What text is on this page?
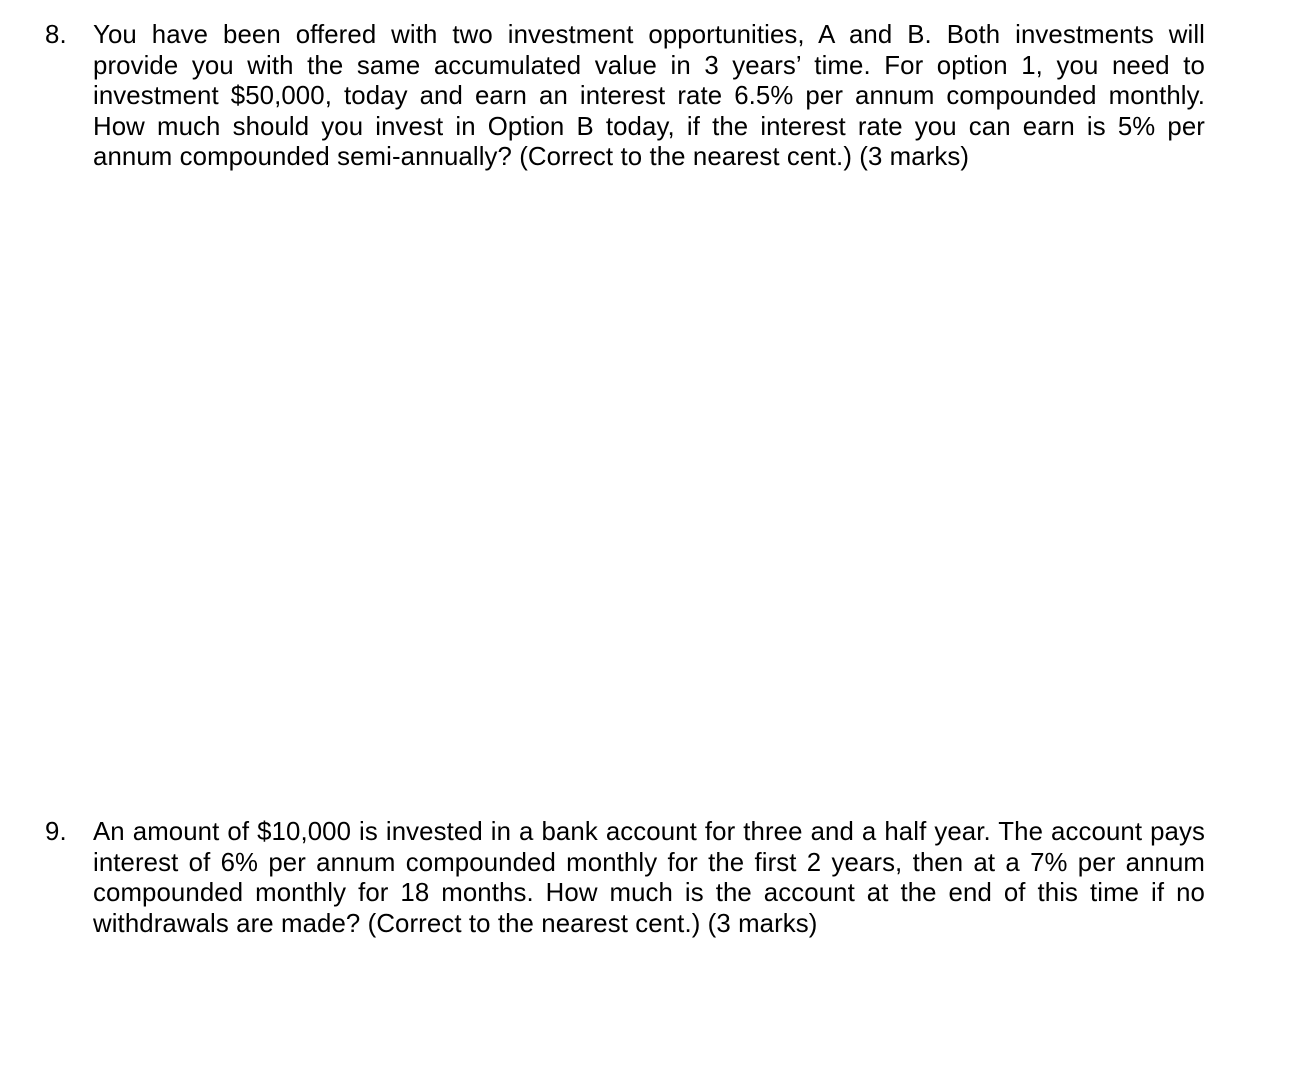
8.	You have been offered with two investment opportunities, A and B. Both investments will
provide you with the same accumulated value in 3 years’ time. For option 1, you need to
investment $50,000, today and earn an interest rate 6.5% per annum compounded monthly.
How much should you invest in Option B today, if the interest rate you can earn is 5% per
annum compounded semi-annually? (Correct to the nearest cent.) (3 marks)
9.	An amount of $10,000 is invested in a bank account for three and a half year. The account pays
interest of 6% per annum compounded monthly for the first 2 years, then at a 7% per annum
compounded monthly for 18 months. How much is the account at the end of this time if no
withdrawals are made? (Correct to the nearest cent.) (3 marks)
